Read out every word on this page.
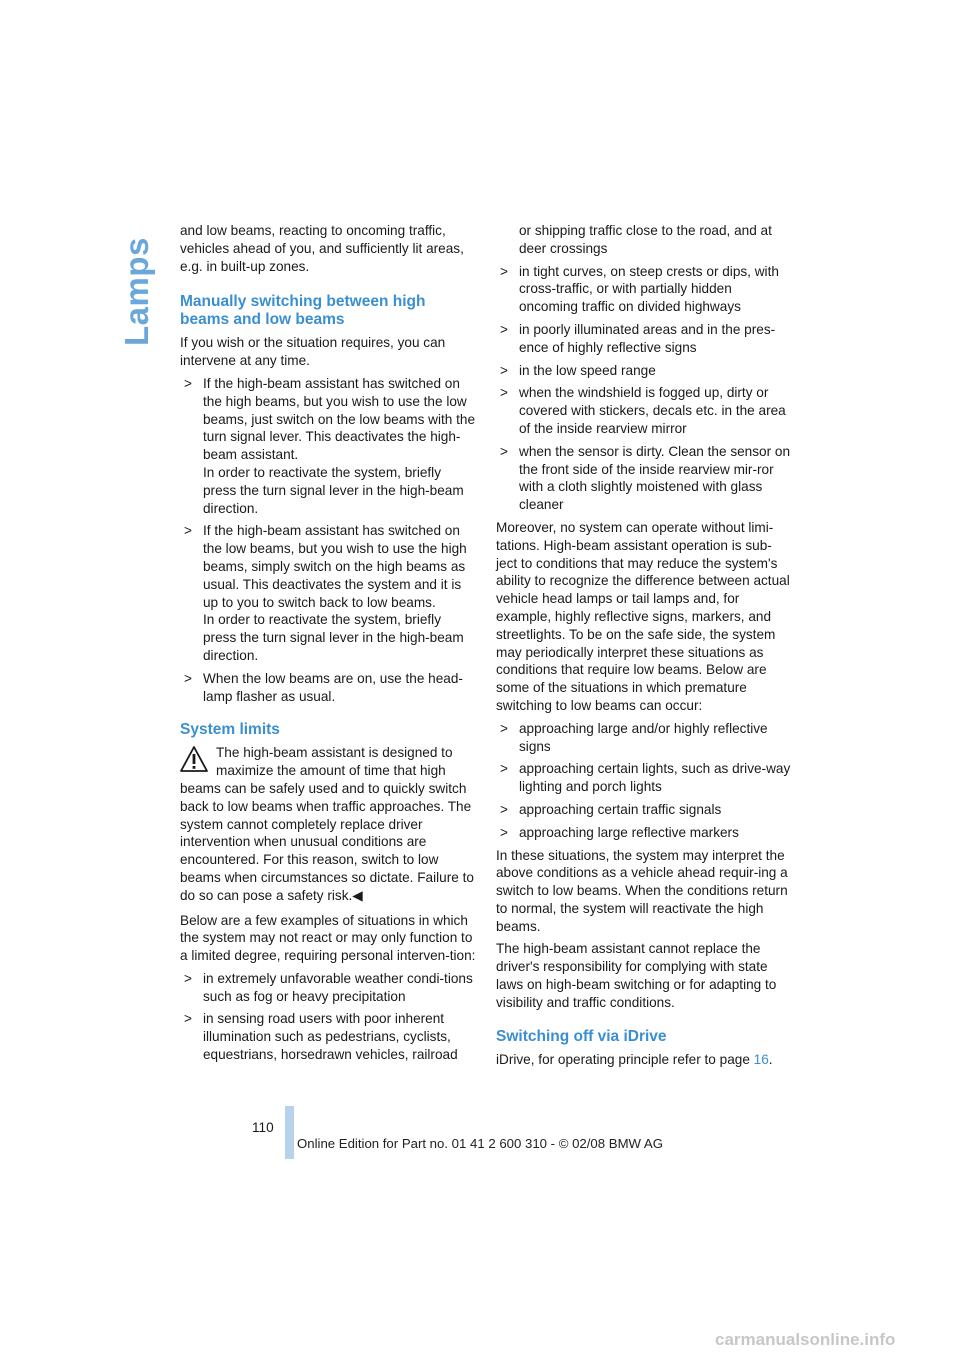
Lamps

and low beams, reacting to oncoming traffic, vehicles ahead of you, and sufficiently lit areas, e.g. in built-up zones.

Manually switching between high beams and low beams

If you wish or the situation requires, you can intervene at any time.

> If the high-beam assistant has switched on the high beams, but you wish to use the low beams, just switch on the low beams with the turn signal lever. This deactivates the high-beam assistant.
In order to reactivate the system, briefly press the turn signal lever in the high-beam direction.
> If the high-beam assistant has switched on the low beams, but you wish to use the high beams, simply switch on the high beams as usual. This deactivates the system and it is up to you to switch back to low beams.
In order to reactivate the system, briefly press the turn signal lever in the high-beam direction.
> When the low beams are on, use the head-lamp flasher as usual.
System limits
The high-beam assistant is designed to maximize the amount of time that high
beams can be safely used and to quickly switch back to low beams when traffic approaches. The system cannot completely replace driver intervention when unusual conditions are encountered. For this reason, switch to low beams when circumstances so dictate. Failure to do so can pose a safety risk.◀

Below are a few examples of situations in which the system may not react or may only function to a limited degree, requiring personal interven-tion:

> in extremely unfavorable weather condi-tions such as fog or heavy precipitation
> in sensing road users with poor inherent illumination such as pedestrians, cyclists, equestrians, horsedrawn vehicles, railroad

or shipping traffic close to the road, and at deer crossings

> in tight curves, on steep crests or dips, with cross-traffic, or with partially hidden oncoming traffic on divided highways
> in poorly illuminated areas and in the pres-ence of highly reflective signs
> in the low speed range
> when the windshield is fogged up, dirty or covered with stickers, decals etc. in the area of the inside rearview mirror
> when the sensor is dirty. Clean the sensor on the front side of the inside rearview mir-ror with a cloth slightly moistened with glass cleaner

Moreover, no system can operate without limi-tations. High-beam assistant operation is sub-ject to conditions that may reduce the system's ability to recognize the difference between actual vehicle head lamps or tail lamps and, for example, highly reflective signs, markers, and streetlights. To be on the safe side, the system may periodically interpret these situations as conditions that require low beams. Below are some of the situations in which premature switching to low beams can occur:

> approaching large and/or highly reflective signs
> approaching certain lights, such as drive-way lighting and porch lights
> approaching certain traffic signals
> approaching large reflective markers

In these situations, the system may interpret the above conditions as a vehicle ahead requir-ing a switch to low beams. When the conditions return to normal, the system will reactivate the high beams.

The high-beam assistant cannot replace the driver's responsibility for complying with state laws on high-beam switching or for adapting to visibility and traffic conditions.

Switching off via iDrive

iDrive, for operating principle refer to page 16.

110
Online Edition for Part no. 01 41 2 600 310 - © 02/08 BMW AG
carmanualsonline.info
